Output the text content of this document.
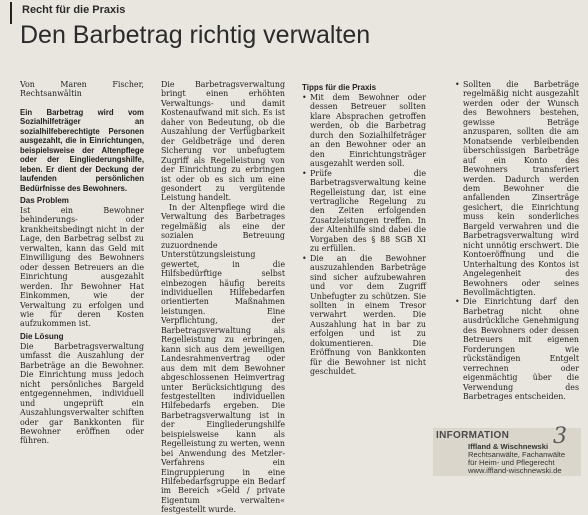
Recht für die Praxis
Den Barbetrag richtig verwalten

Von Maren Fischer, Rechtsanwältin

Ein Barbetrag wird vom Sozialhilfeträger an sozialhilfeberechtigte Personen ausgezahlt, die in Einrichtungen, beispielsweise der Altenpflege oder der Eingliederungshilfe, leben. Er dient der Deckung der laufenden persönlichen Bedürfnisse des Bewohners.

Das Problem

Ist ein Bewohner behinderungs- oder krankheitsbedingt nicht in der Lage, den Barbetrag selbst zu verwalten, kann das Geld mit Einwilligung des Bewohners oder dessen Betreuers an die Einrichtung ausgezahlt werden. Ihr Bewohner Hat Einkommen, wie der Verwaltung zu erfolgen und wie für deren Kosten aufzukommen ist.

Die Lösung

Die Barbetragsverwaltung umfasst die Auszahlung der Barbeträge an die Bewohner. Die Einrichtung muss jedoch nicht persönliches Bargeld entgegennehmen, individuell und ungeprüft ein Auszahlungsverwalter schiften oder gar Bankkonten für Bewohner eröffnen oder führen.

Die Barbetragsverwaltung bringt einen erhöhten Verwaltungs- und damit Kostenaufwand mit sich. Es ist daher von Bedeutung, ob die Auszahlung der Verfügbarkeit der Geldbeträge und deren Sicherung vor unbefugtem Zugriff als Regelleistung von der Einrichtung zu erbringen ist oder ob es sich um eine gesondert zu vergütende Leistung handelt.

In der Altenpflege wird die Verwaltung des Barbetrages regelmäßig als eine der sozialen Betreuung zuzuordnende Unterstützungsleistung gewertet, in die Hilfsbedürftige selbst einbezogen häufig bereits individuellen Hilfebedarfen orientierten Maßnahmen leistungen. Eine Verpflichtung, der Barbetragsverwaltung als Regelleistung zu erbringen, kann sich aus dem jeweiligen Landesrahmenvertrag oder aus dem mit dem Bewohner abgeschlossenen Heimvertrag unter Berücksichtigung des festgestellten individuellen Hilfebedarfs ergeben. Die Barbetragsverwaltung ist in der Eingliederungshilfe beispielsweise kann als Regelleistung zu werten, wenn bei Anwendung des Metzler-Verfahrens ein Eingruppierung in eine Hilfebedarfsgruppe ein Bedarf im Bereich »Geld / private Eigentum verwalten« festgestellt wurde.

Tipps für die Praxis
• Mit dem Bewohner oder dessen Betreuer sollten klare Absprachen getroffen werden, ob die Barbetrag durch den Sozialhilfeträger an den Bewohner oder an den Einrichtungsträger ausgezahlt werden soll.
• Prüfe die Barbetragsverwaltung keine Regelleistung dar, ist eine vertragliche Regelung zu den Zeiten erfolgenden Zusatzleistungen treffen. In der Altenhilfe sind dabei die Vorgaben des § 88 SGB XI zu erfüllen.
• Die an die Bewohner auszuzahlenden Barbeträge sind sicher aufzubewahren und vor dem Zugriff Unbefugter zu schützen. Sie sollten in einem Tresor verwahrt werden. Die Auszahlung hat in bar zu erfolgen und ist zu dokumentieren. Die Eröffnung von Bankkonten für die Bewohner ist nicht geschuldet.
• Sollten die Barbeträge regelmäßig nicht ausgezahlt werden oder der Wunsch des Bewohners bestehen, gewisse Beträge anzusparen, sollten die am Monatsende verbleibenden überschüssigen Barbeträge auf ein Konto des Bewohners transferiert werden. Dadurch werden dem Bewohner die anfallenden Zinserträge gesichert, die Einrichtung muss kein sonderliches Bargeld verwahren und die Barbetragsverwaltung wird nicht unnötig erschwert. Die Kontoeröffnung und die Unterhaltung des Kontos ist Angelegenheit des Bewohners oder seines Bevollmächtigten.
• Die Einrichtung darf den Barbetrag nicht ohne ausdrückliche Genehmigung des Bewohners oder dessen Betreuers mit eigenen Forderungen wie rückständigen Entgelt verrechnen oder eigenmächtig über die Verwendung des Barbetrages entscheiden.
INFORMATION 3
Iffland & Wischnewski
Rechtsanwälte, Fachanwälte
für Heim- und Pflegerecht
www.iffland-wischnewski.de
